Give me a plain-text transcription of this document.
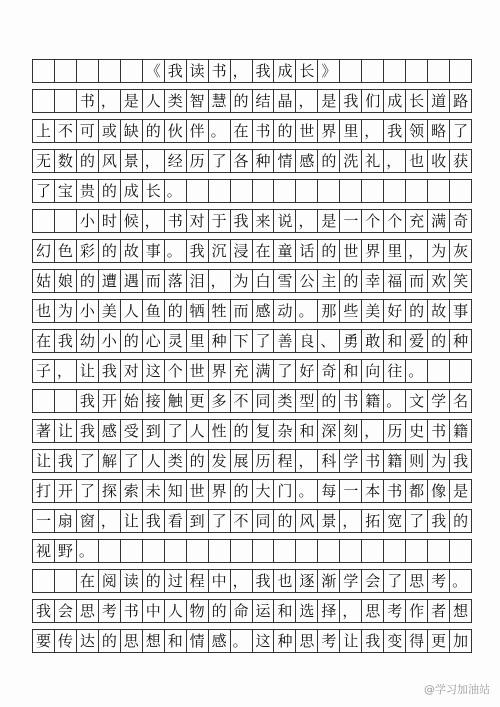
《 我 读 书 ， 我 成 长 》
书 ， 是 人 类 智 慧 的 结 晶 ， 是 我 们 成 长 道 路
上 不 可 或 缺 的 伙 伴 。 在 书 的 世 界 里 ， 我 领 略 了
无 数 的 风 景 ， 经 历 了 各 种 情 感 的 洗 礼 ， 也 收 获
了 宝 贵 的 成 长 。
小 时 候 ， 书 对 于 我 来 说 ， 是 一 个 个 充 满 奇
幻 色 彩 的 故 事 。 我 沉 浸 在 童 话 的 世 界 里 ， 为 灰
姑 娘 的 遭 遇 而 落 泪 ， 为 白 雪 公 主 的 幸 福 而 欢 笑
也 为 小 美 人 鱼 的 牺 牲 而 感 动 。 那 些 美 好 的 故 事
在 我 幼 小 的 心 灵 里 种 下 了 善 良 、 勇 敢 和 爱 的 种
子 ， 让 我 对 这 个 世 界 充 满 了 好 奇 和 向 往 。
我 开 始 接 触 更 多 不 同 类 型 的 书 籍 。 文 学 名
著 让 我 感 受 到 了 人 性 的 复 杂 和 深 刻 ， 历 史 书 籍
让 我 了 解 了 人 类 的 发 展 历 程 ， 科 学 书 籍 则 为 我
打 开 了 探 索 未 知 世 界 的 大 门 。 每 一 本 书 都 像 是
一 扇 窗 ， 让 我 看 到 了 不 同 的 风 景 ， 拓 宽 了 我 的
视 野 。
在 阅 读 的 过 程 中 ， 我 也 逐 渐 学 会 了 思 考 。
我 会 思 考 书 中 人 物 的 命 运 和 选 择 ， 思 考 作 者 想
要 传 达 的 思 想 和 情 感 。 这 种 思 考 让 我 变 得 更 加
@学习加油站
